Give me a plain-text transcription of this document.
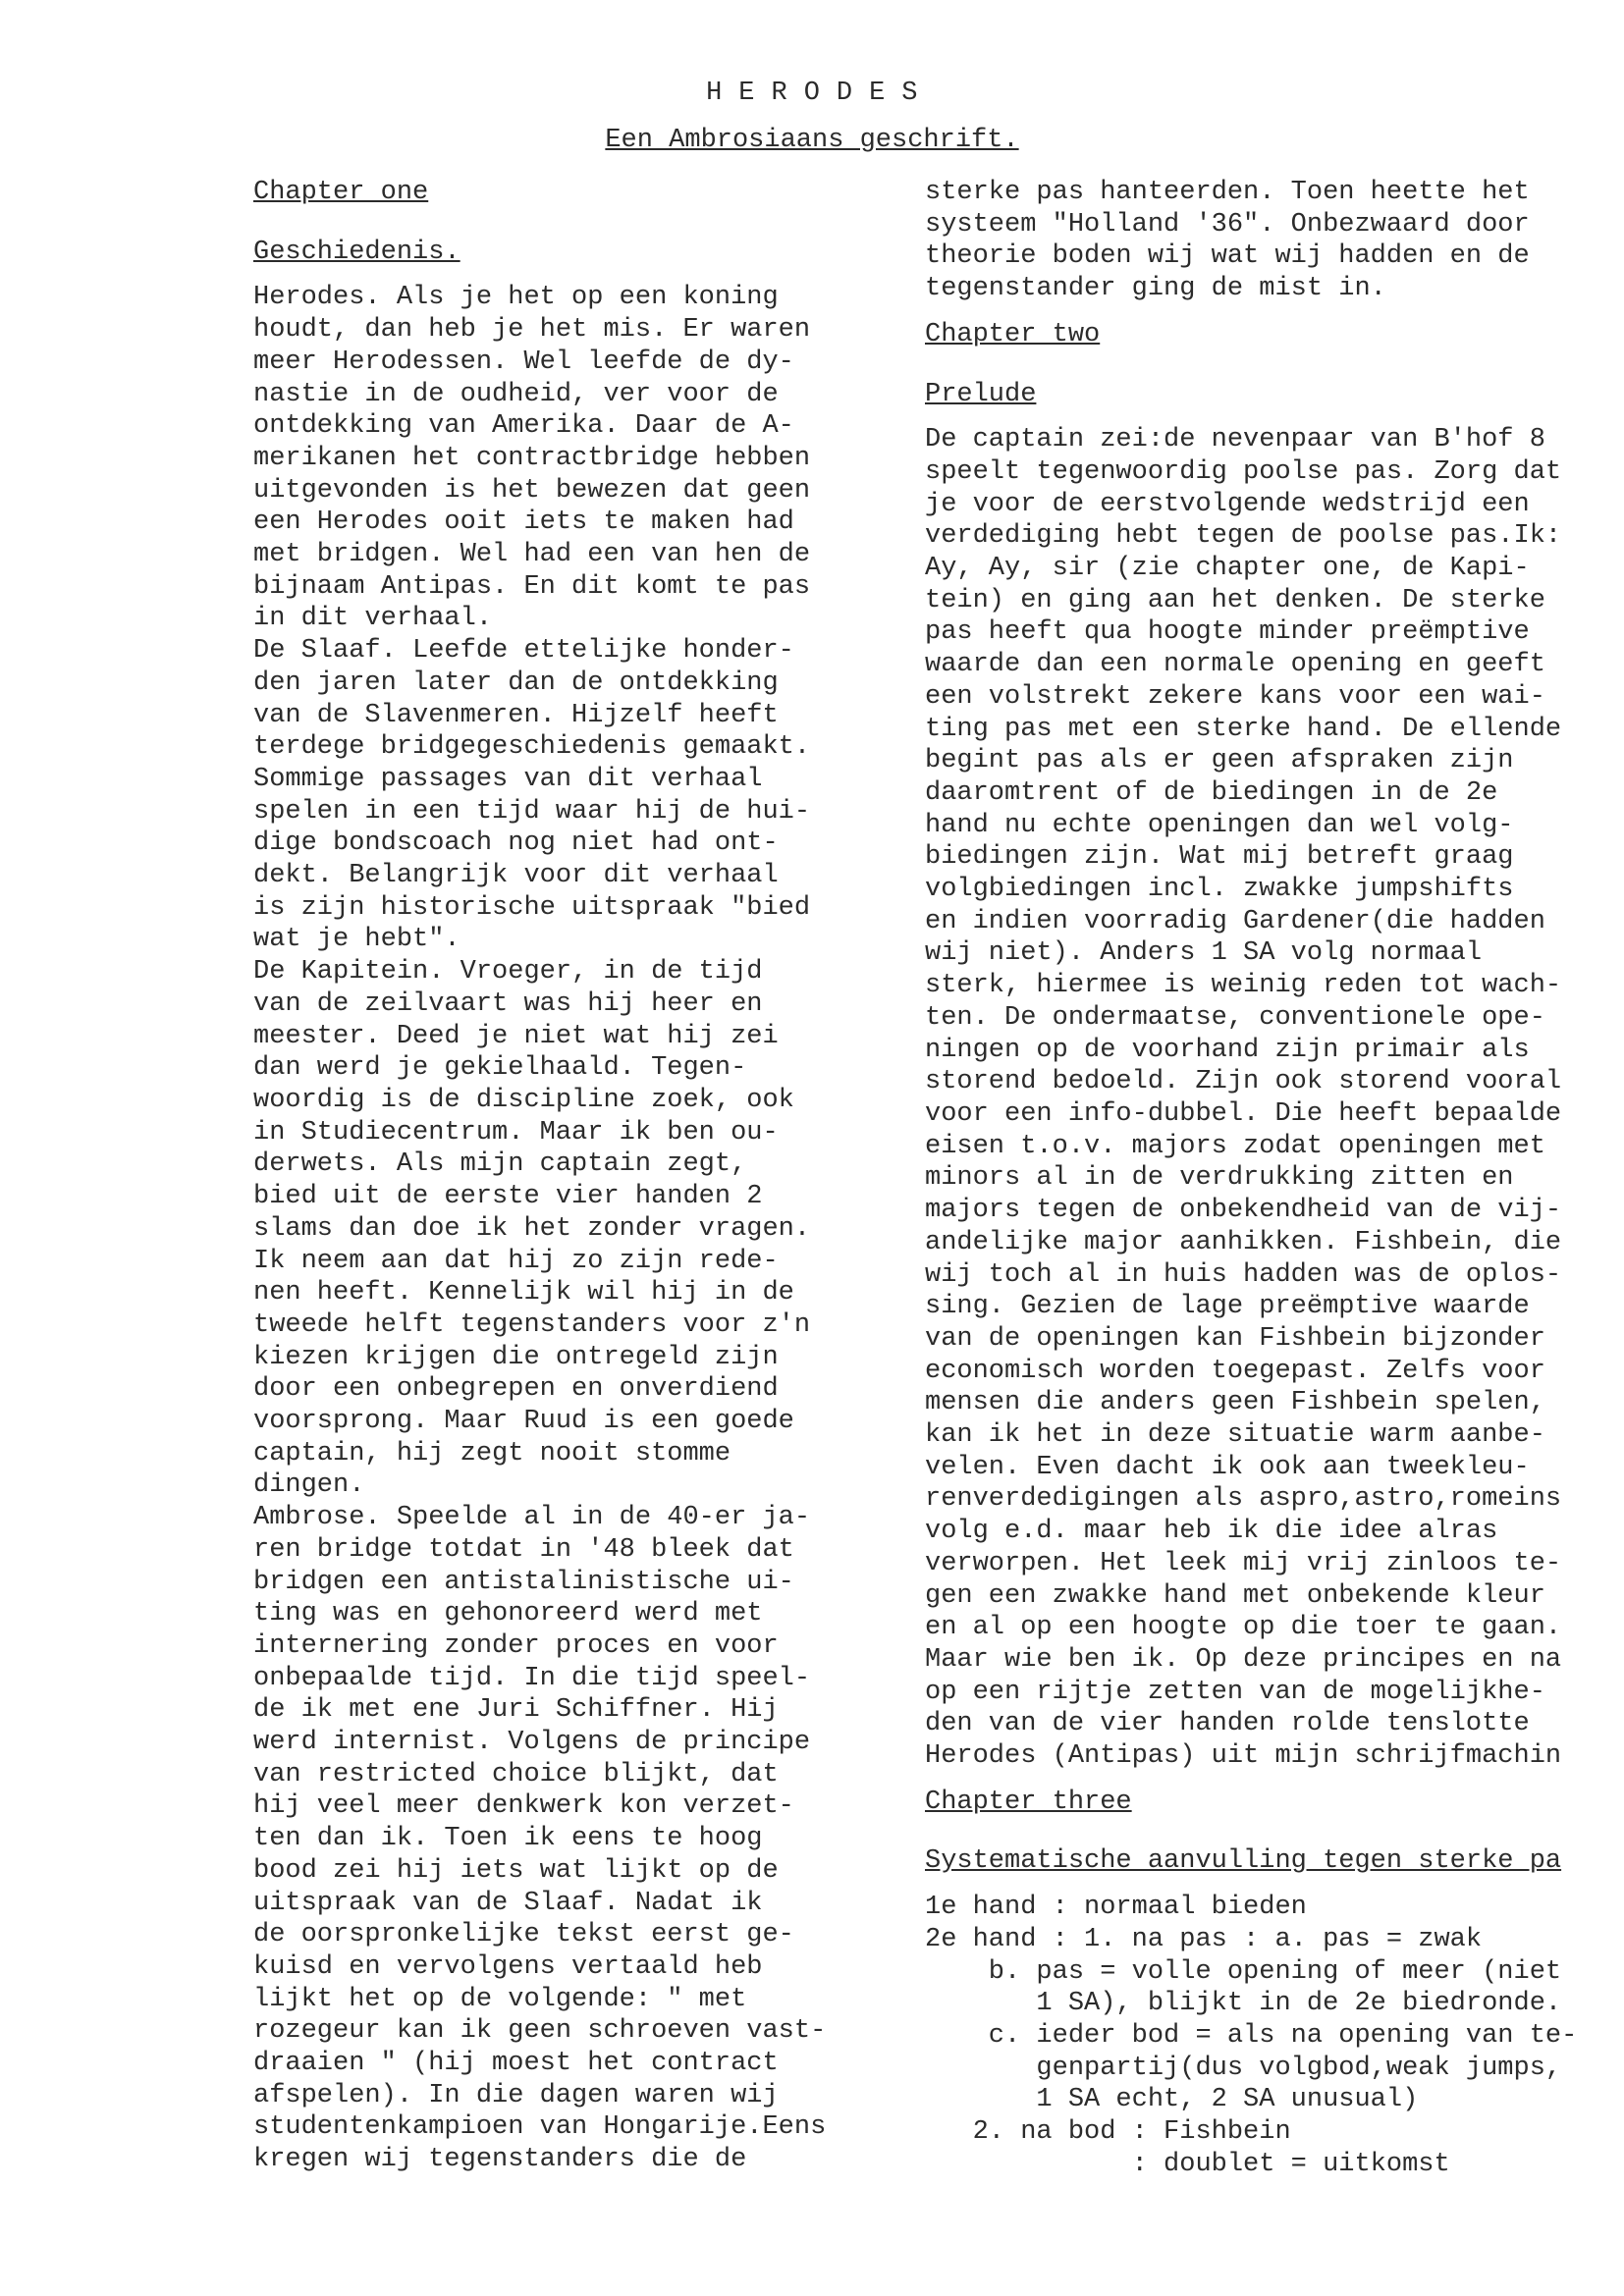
H E R O D E S
Een Ambrosiaans geschrift.
Chapter one
Geschiedenis.
Herodes. Als je het op een koning
houdt, dan heb je het mis. Er waren
meer Herodessen. Wel leefde de dy-
nastie in de oudheid, ver voor de
ontdekking van Amerika. Daar de A-
merikanen het contractbridge hebben
uitgevonden is het bewezen dat geen
een Herodes ooit iets te maken had
met bridgen. Wel had een van hen de
bijnaam Antipas. En dit komt te pas
in dit verhaal.
De Slaaf. Leefde ettelijke honder-
den jaren later dan de ontdekking
van de Slavenmeren. Hijzelf heeft
terdege bridgegeschiedenis gemaakt.
Sommige passages van dit verhaal
spelen in een tijd waar hij de hui-
dige bondscoach nog niet had ont-
dekt. Belangrijk voor dit verhaal
is zijn historische uitspraak "bied
wat je hebt".
De Kapitein. Vroeger, in de tijd
van de zeilvaart was hij heer en
meester. Deed je niet wat hij zei
dan werd je gekielhaald. Tegen-
woordig is de discipline zoek, ook
in Studiecentrum. Maar ik ben ou-
derwets. Als mijn captain zegt,
bied uit de eerste vier handen 2
slams dan doe ik het zonder vragen.
Ik neem aan dat hij zo zijn rede-
nen heeft. Kennelijk wil hij in de
tweede helft tegenstanders voor z'n
kiezen krijgen die ontregeld zijn
door een onbegrepen en onverdiend
voorsprong. Maar Ruud is een goede
captain, hij zegt nooit stomme
dingen.
Ambrose. Speelde al in de 40-er ja-
ren bridge totdat in '48 bleek dat
bridgen een antistalinistische ui-
ting was en gehonoreerd werd met
internering zonder proces en voor
onbepaalde tijd. In die tijd speel-
de ik met ene Juri Schiffner. Hij
werd internist. Volgens de principe
van restricted choice blijkt, dat
hij veel meer denkwerk kon verzet-
ten dan ik. Toen ik eens te hoog
bood zei hij iets wat lijkt op de
uitspraak van de Slaaf. Nadat ik
de oorspronkelijke tekst eerst ge-
kuisd en vervolgens vertaald heb
lijkt het op de volgende: " met
rozegeur kan ik geen schroeven vast-
draaien " (hij moest het contract
afspelen). In die dagen waren wij
studentenkampioen van Hongarije.Eens
kregen wij tegenstanders die de
sterke pas hanteerden. Toen heette het
systeem "Holland '36". Onbezwaard door
theorie boden wij wat wij hadden en de
tegenstander ging de mist in.
Chapter two
Prelude
De captain zei:de nevenpaar van B'hof 8
speelt tegenwoordig poolse pas. Zorg dat
je voor de eerstvolgende wedstrijd een
verdediging hebt tegen de poolse pas.Ik:
Ay, Ay, sir (zie chapter one, de Kapi-
tein) en ging aan het denken. De sterke
pas heeft qua hoogte minder preëmptive
waarde dan een normale opening en geeft
een volstrekt zekere kans voor een wai-
ting pas met een sterke hand. De ellende
begint pas als er geen afspraken zijn
daaromtrent of de biedingen in de 2e
hand nu echte openingen dan wel volg-
biedingen zijn. Wat mij betreft graag
volgbiedingen incl. zwakke jumpshifts
en indien voorradig Gardener(die hadden
wij niet). Anders 1 SA volg normaal
sterk, hiermee is weinig reden tot wach-
ten. De ondermaatse, conventionele ope-
ningen op de voorhand zijn primair als
storend bedoeld. Zijn ook storend vooral
voor een info-dubbel. Die heeft bepaalde
eisen t.o.v. majors zodat openingen met
minors al in de verdrukking zitten en
majors tegen de onbekendheid van de vij-
andelijke major aanhikken. Fishbein, die
wij toch al in huis hadden was de oplos-
sing. Gezien de lage preëmptive waarde
van de openingen kan Fishbein bijzonder
economisch worden toegepast. Zelfs voor
mensen die anders geen Fishbein spelen,
kan ik het in deze situatie warm aanbe-
velen. Even dacht ik ook aan tweekleu-
renverdedigingen als aspro,astro,romeins
volg e.d. maar heb ik die idee alras
verworpen. Het leek mij vrij zinloos te-
gen een zwakke hand met onbekende kleur
en al op een hoogte op die toer te gaan.
Maar wie ben ik. Op deze principes en na
op een rijtje zetten van de mogelijkhe-
den van de vier handen rolde tenslotte
Herodes (Antipas) uit mijn schrijfmachin
Chapter three
Systematische aanvulling tegen sterke pa
1e hand : normaal bieden
2e hand : 1. na pas : a. pas = zwak
b. pas = volle opening of meer (niet
1 SA), blijkt in de 2e biedronde.
c. ieder bod = als na opening van te-
genpartij(dus volgbod,weak jumps,
1 SA echt, 2 SA unusual)
2. na bod : Fishbein
: doublet = uitkomst
